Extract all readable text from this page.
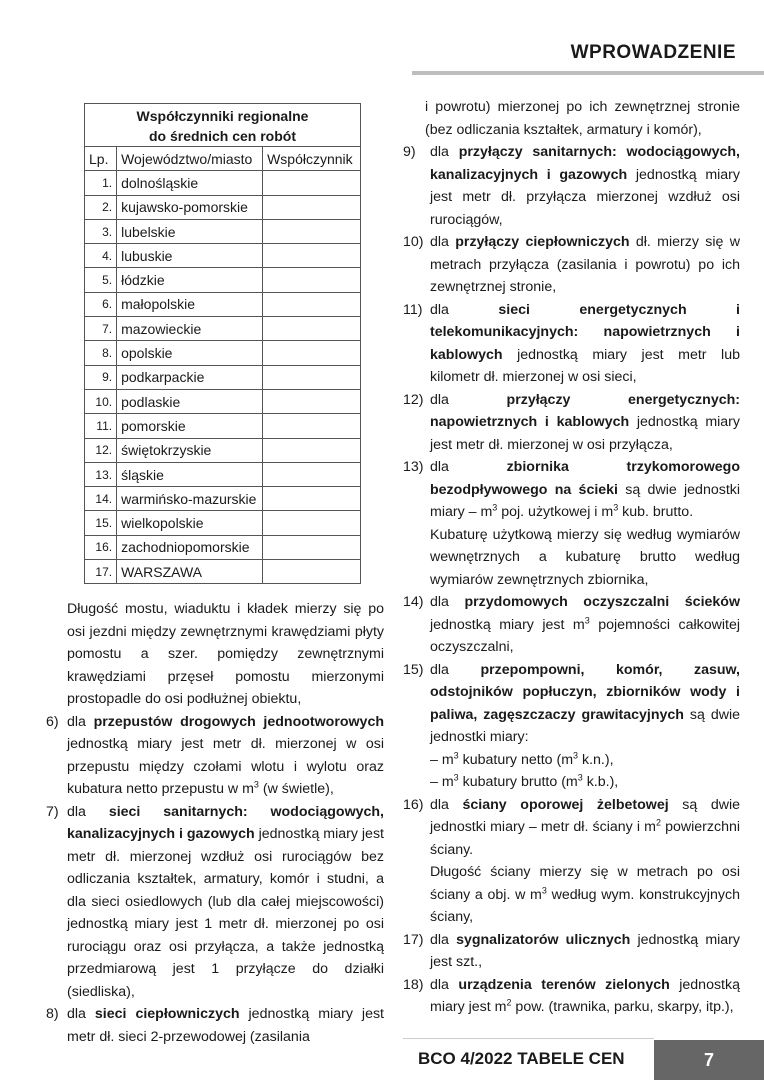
WPROWADZENIE
Współczynniki regionalne
do średnich cen robót		

Lp.	Województwo/miasto	Współczynnik
1.	dolnośląskie	
2.	kujawsko-pomorskie	
3.	lubelskie	
4.	lubuskie	
5.	łódzkie	
6.	małopolskie	
7.	mazowieckie	
8.	opolskie	
9.	podkarpackie	
10.	podlaskie	
11.	pomorskie	
12.	świętokrzyskie	
13.	śląskie	
14.	warmińsko-mazurskie	
15.	wielkopolskie	
16.	zachodniopomorskie	
17.	WARSZAWA	

Długość mostu, wiaduktu i kładek mierzy się po osi jezdni między zewnętrznymi krawędziami płyty pomostu a szer. pomiędzy zewnętrznymi krawędziami przęseł pomostu mierzonymi prostopadle do osi podłużnej obiektu,

6) dla przepustów drogowych jednootworowych jednostką miary jest metr dł. mierzonej w osi przepustu między czołami wlotu i wylotu oraz kubatura netto przepustu w $m^3$ (w świetle),

7) dla sieci sanitarnych: wodociągowych, kanalizacyjnych i gazowych jednostką miary jest metr dł. mierzonej wzdłuż osi rurociągów bez odliczania kształtek, armatury, komór i studni, a dla sieci osiedlowych (lub dla całej miejscowości) jednostką miary jest 1 metr dł. mierzonej po osi rurociągu oraz osi przyłącza, a także jednostką przedmiarową jest 1 przyłącze do działki (siedliska),

8) dla sieci ciepłowniczych jednostką miary jest metr dł. sieci 2-przewodowej (zasilania

i powrotu) mierzonej po ich zewnętrznej stronie (bez odliczania kształtek, armatury i komór),

9) dla przyłączy sanitarnych: wodociągowych, kanalizacyjnych i gazowych jednostką miary jest metr dł. przyłącza mierzonej wzdłuż osi rurociągów,

10) dla przyłączy ciepłowniczych dł. mierzy się w metrach przyłącza (zasilania i powrotu) po ich zewnętrznej stronie,

11) dla sieci energetycznych i telekomunikacyjnych: napowietrznych i kablowych jednostką miary jest metr lub kilometr dł. mierzonej w osi sieci,

12) dla przyłączy energetycznych: napowietrznych i kablowych jednostką miary jest metr dł. mierzonej w osi przyłącza,

13) dla zbiornika trzykomorowego bezodpływowego na ścieki są dwie jednostki miary – $m^3$ poj. użytkowej i $m^3$ kub. brutto.

Kubaturę użytkową mierzy się według wymiarów wewnętrznych a kubaturę brutto według wymiarów zewnętrznych zbiornika,

14) dla przydomowych oczyszczalni ścieków jednostką miary jest $m^3$ pojemności całkowitej oczyszczalni,

15) dla przepompowni, komór, zasuw, odstojników popłuczyn, zbiorników wody i paliwa, zagęszczaczy grawitacyjnych są dwie jednostki miary:

– $m^3$ kubatury netto ($m^3$ k.n.),

– $m^3$ kubatury brutto ($m^3$ k.b.),

16) dla ściany oporowej żelbetowej są dwie jednostki miary – metr dł. ściany i $m^2$ powierzchni ściany.

Długość ściany mierzy się w metrach po osi ściany a obj. w $m^3$ według wym. konstrukcyjnych ściany,

17) dla sygnalizatorów ulicznych jednostką miary jest szt.,

18) dla urządzenia terenów zielonych jednostką miary jest $m^2$ pow. (trawnika, parku, skarpy, itp.),

BCO 4/2022 TABELE CEN	7
